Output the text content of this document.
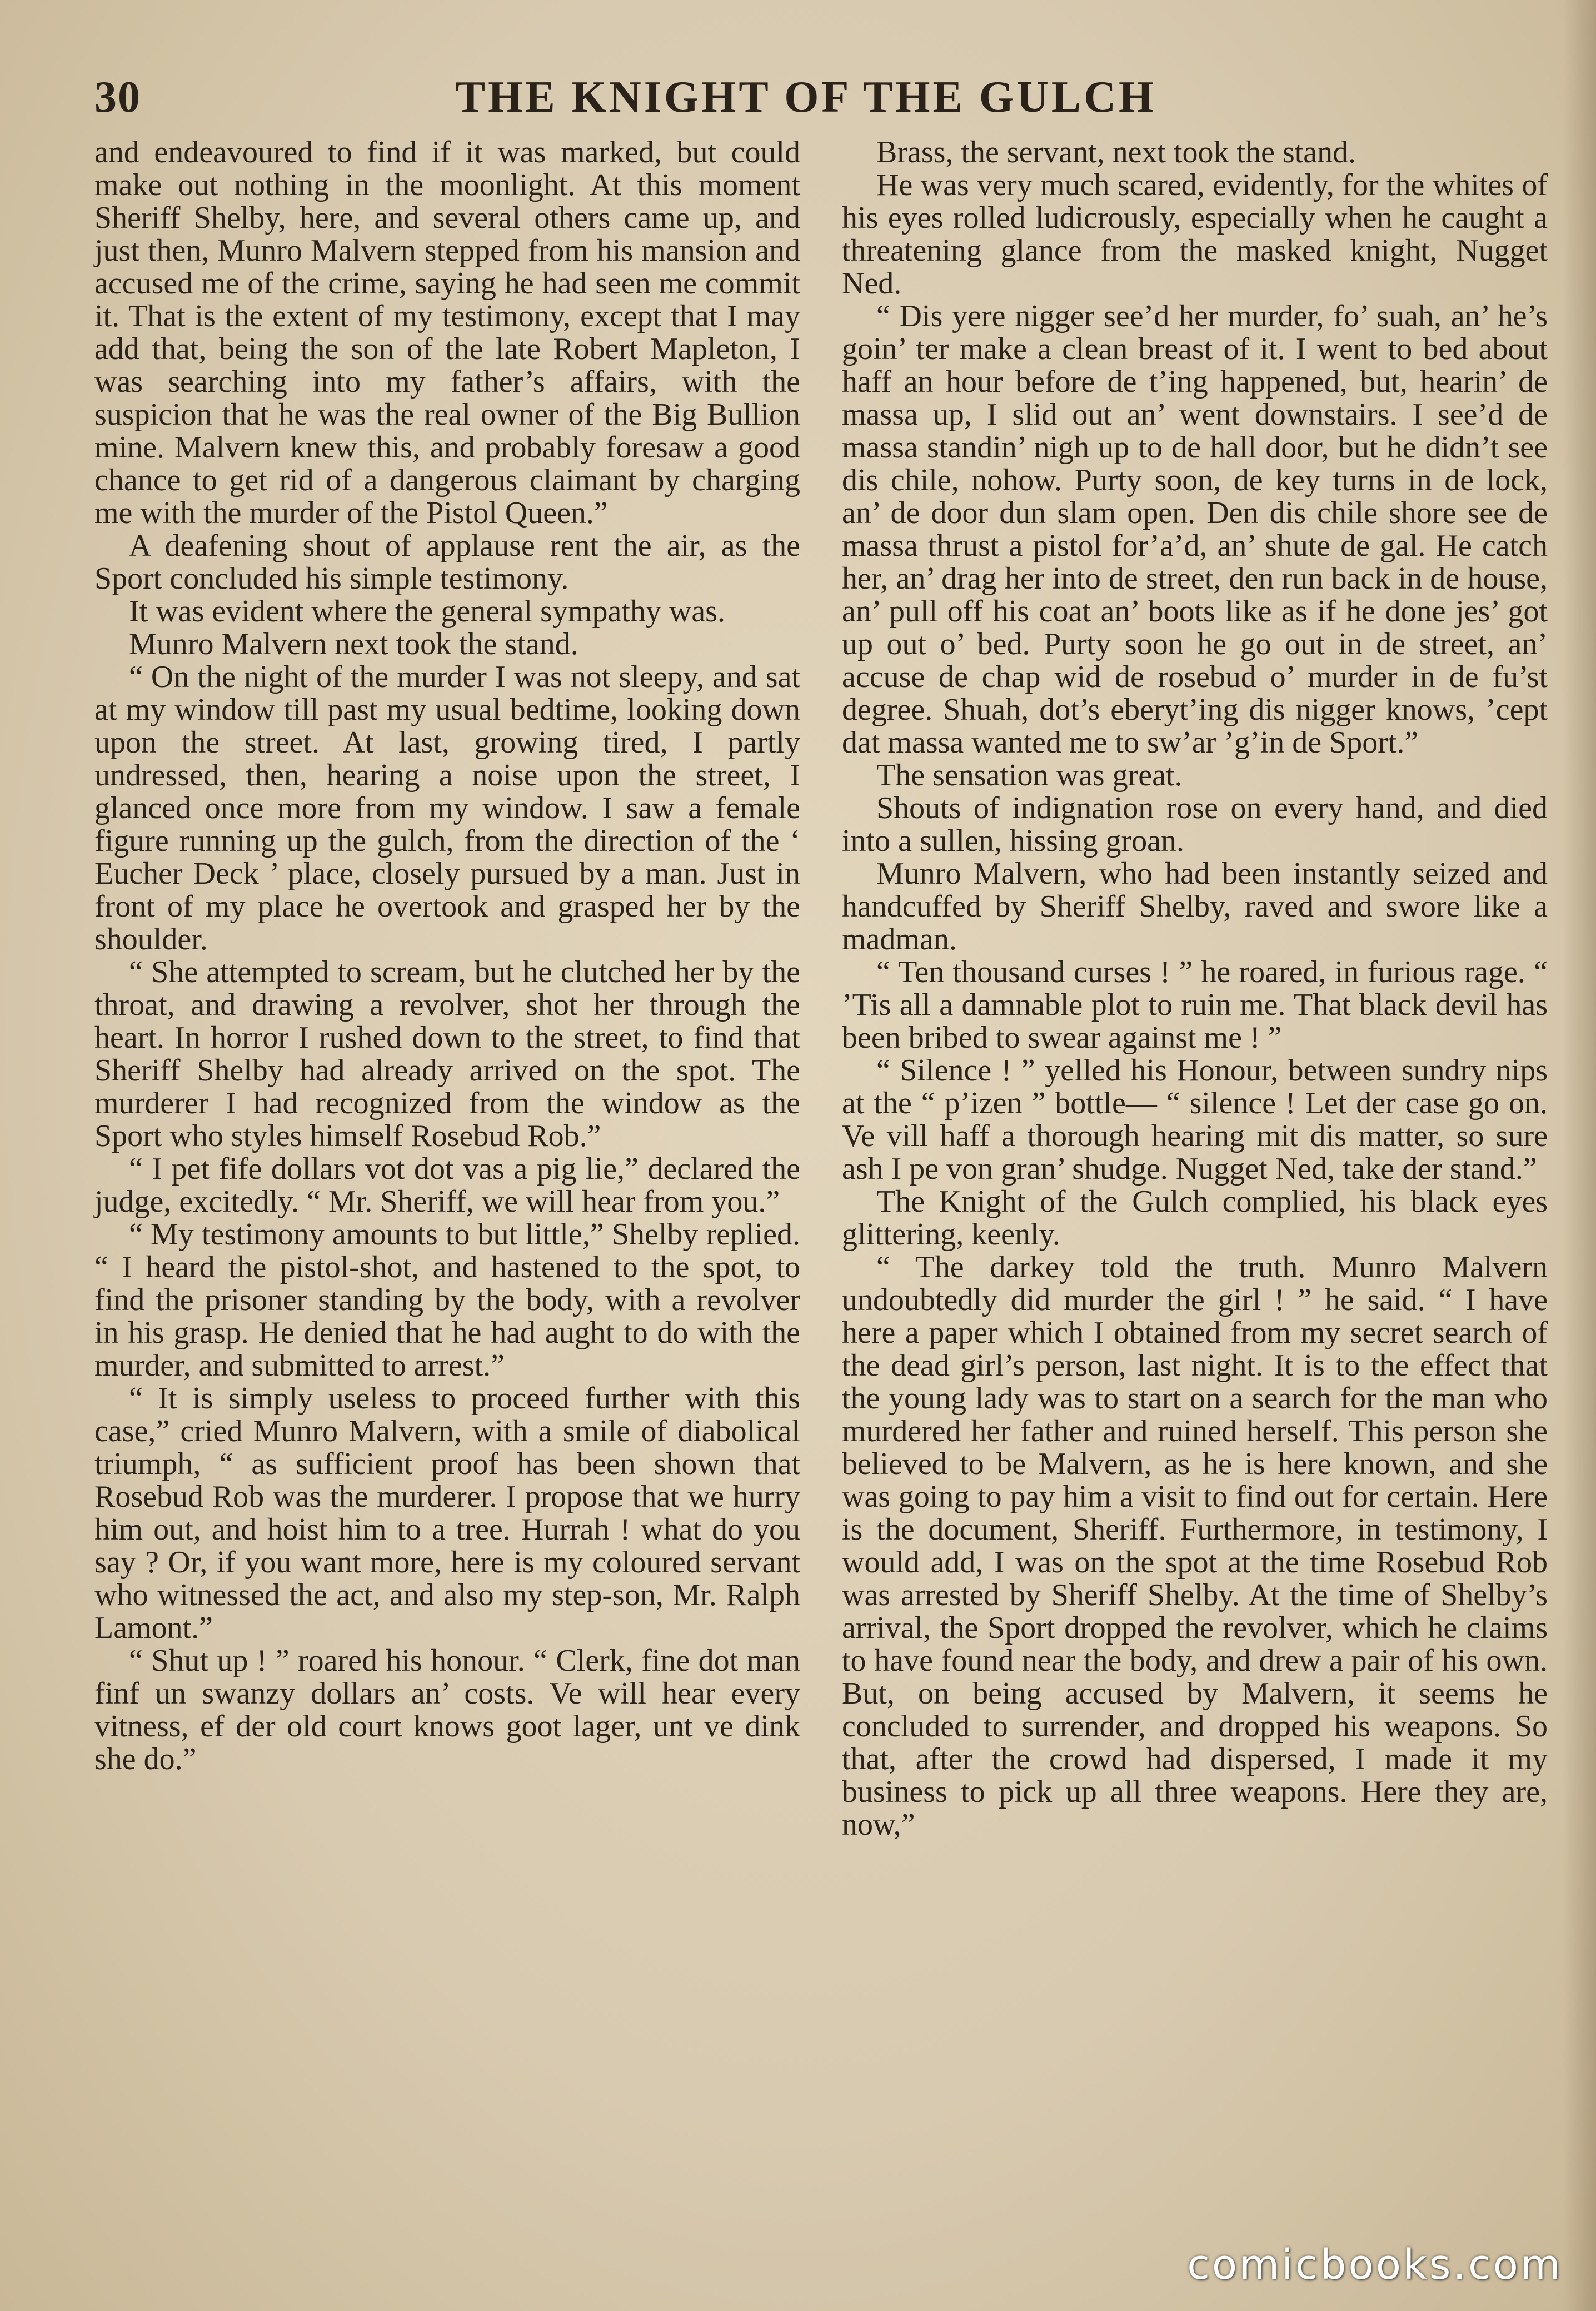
30	THE KNIGHT OF THE GULCH

and endeavoured to find if it was marked, but could make out nothing in the moonlight. At this moment Sheriff Shelby, here, and several others came up, and just then, Munro Malvern stepped from his mansion and accused me of the crime, saying he had seen me commit it. That is the extent of my testimony, except that I may add that, being the son of the late Robert Mapleton, I was searching into my father’s affairs, with the suspicion that he was the real owner of the Big Bullion mine. Malvern knew this, and probably foresaw a good chance to get rid of a dangerous claimant by charging me with the murder of the Pistol Queen.”

A deafening shout of applause rent the air, as the Sport concluded his simple testimony.

It was evident where the general sympathy was.

Munro Malvern next took the stand.

“ On the night of the murder I was not sleepy, and sat at my window till past my usual bedtime, looking down upon the street. At last, growing tired, I partly undressed, then, hearing a noise upon the street, I glanced once more from my window. I saw a female figure running up the gulch, from the direction of the ‘ Eucher Deck ’ place, closely pursued by a man. Just in front of my place he overtook and grasped her by the shoulder.

“ She attempted to scream, but he clutched her by the throat, and drawing a revolver, shot her through the heart. In horror I rushed down to the street, to find that Sheriff Shelby had already arrived on the spot. The murderer I had recognized from the window as the Sport who styles himself Rosebud Rob.”

“ I pet fife dollars vot dot vas a pig lie,” declared the judge, excitedly. “ Mr. Sheriff, we will hear from you.”

“ My testimony amounts to but little,” Shelby replied. “ I heard the pistol-shot, and hastened to the spot, to find the prisoner standing by the body, with a revolver in his grasp. He denied that he had aught to do with the murder, and submitted to arrest.”

“ It is simply useless to proceed further with this case,” cried Munro Malvern, with a smile of diabolical triumph, “ as sufficient proof has been shown that Rosebud Rob was the murderer. I propose that we hurry him out, and hoist him to a tree. Hurrah ! what do you say ? Or, if you want more, here is my coloured servant who witnessed the act, and also my step-son, Mr. Ralph Lamont.”

“ Shut up ! ” roared his honour. “ Clerk, fine dot man finf un swanzy dollars an’ costs. Ve will hear every vitness, ef der old court knows goot lager, unt ve dink she do.”

Brass, the servant, next took the stand.

He was very much scared, evidently, for the whites of his eyes rolled ludicrously, especially when he caught a threatening glance from the masked knight, Nugget Ned.

“ Dis yere nigger see’d her murder, fo’ suah, an’ he’s goin’ ter make a clean breast of it. I went to bed about haff an hour before de t’ing happened, but, hearin’ de massa up, I slid out an’ went downstairs. I see’d de massa standin’ nigh up to de hall door, but he didn’t see dis chile, nohow. Purty soon, de key turns in de lock, an’ de door dun slam open. Den dis chile shore see de massa thrust a pistol for’a’d, an’ shute de gal. He catch her, an’ drag her into de street, den run back in de house, an’ pull off his coat an’ boots like as if he done jes’ got up out o’ bed. Purty soon he go out in de street, an’ accuse de chap wid de rosebud o’ murder in de fu’st degree. Shuah, dot’s eberyt’ing dis nigger knows, ’cept dat massa wanted me to sw’ar ’g’in de Sport.”

The sensation was great.

Shouts of indignation rose on every hand, and died into a sullen, hissing groan.

Munro Malvern, who had been instantly seized and handcuffed by Sheriff Shelby, raved and swore like a madman.

“ Ten thousand curses ! ” he roared, in furious rage. “ ’Tis all a damnable plot to ruin me. That black devil has been bribed to swear against me ! ”

“ Silence ! ” yelled his Honour, between sundry nips at the “ p’izen ” bottle— “ silence ! Let der case go on. Ve vill haff a thorough hearing mit dis matter, so sure ash I pe von gran’ shudge. Nugget Ned, take der stand.”

The Knight of the Gulch complied, his black eyes glittering, keenly.

“ The darkey told the truth. Munro Malvern undoubtedly did murder the girl ! ” he said. “ I have here a paper which I obtained from my secret search of the dead girl’s person, last night. It is to the effect that the young lady was to start on a search for the man who murdered her father and ruined herself. This person she believed to be Malvern, as he is here known, and she was going to pay him a visit to find out for certain. Here is the document, Sheriff. Furthermore, in testimony, I would add, I was on the spot at the time Rosebud Rob was arrested by Sheriff Shelby. At the time of Shelby’s arrival, the Sport dropped the revolver, which he claims to have found near the body, and drew a pair of his own. But, on being accused by Malvern, it seems he concluded to surrender, and dropped his weapons. So that, after the crowd had dispersed, I made it my business to pick up all three weapons. Here they are, now,”

comicbooks.com
